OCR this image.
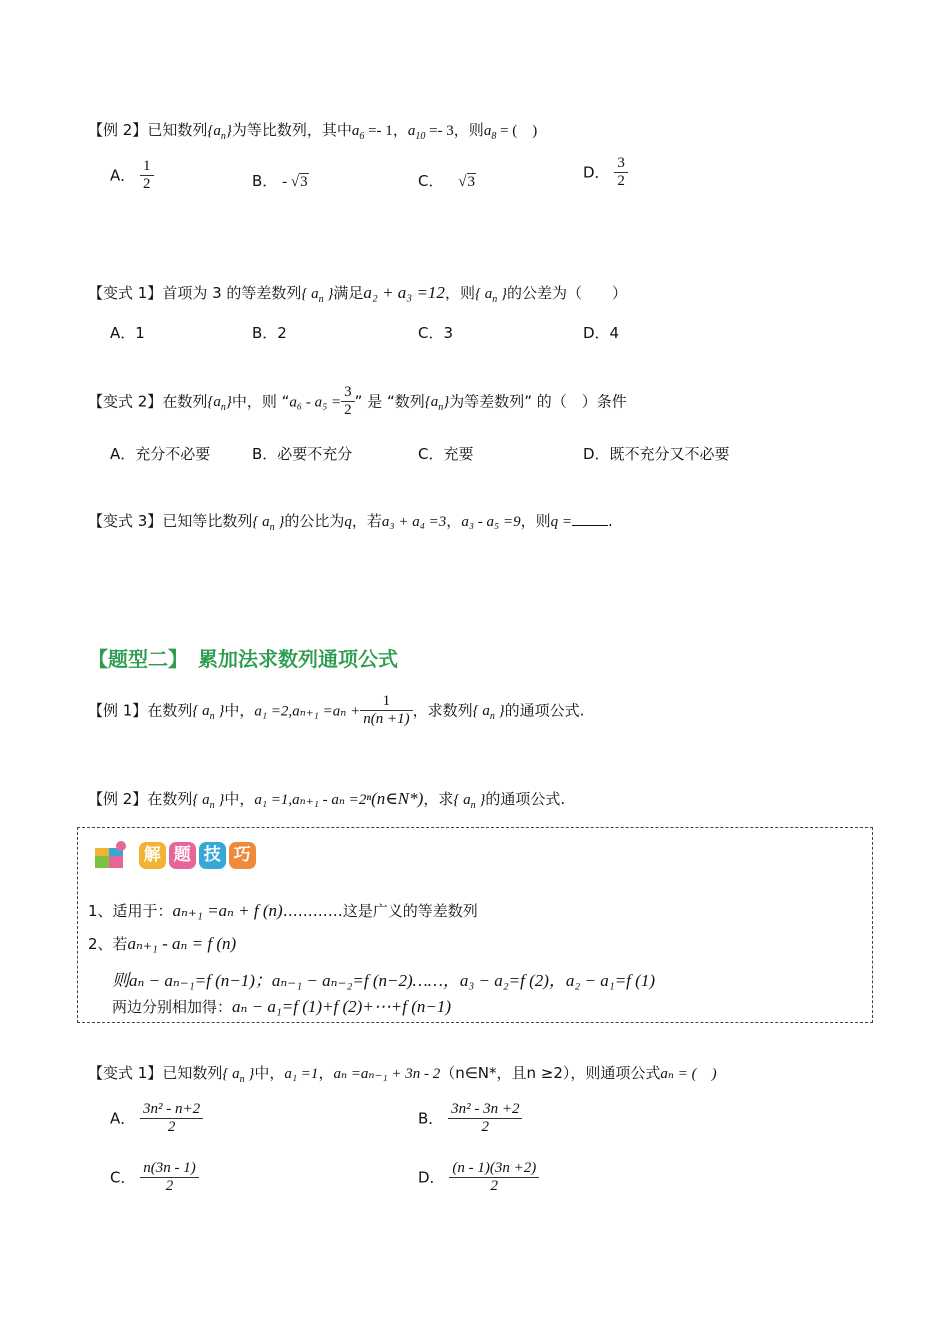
【例 2】已知数列$\{a_n\}$为等比数列，其中$a_6 =- 1$，$a_{10} =- 3$，则$a_8$ = (　)
A． $\frac{1}{2}$	B． - √3	C． √3
D． $\frac{3}{2}$
【变式 1】首项为 3 的等差数列{ $a_n$ }满足a₂ + a₃ =12，则{ $a_n$ }的公差为（　　）
A．1	B．2	C．3	D．4
【变式 2】在数列$\{a_n\}$中，则 “$a_6 - a_5 = \frac{3}{2}$ ” 是 “数列$\{a_n\}$为等差数列” 的（　）条件
A．充分不必要	B．必要不充分	C．充要	D．既不充分又不必要
【变式 3】已知等比数列{ $a_n$ }的公比为q，若a₃ + a₄ =3，a₃ - a₅ =9，则q = .
【题型二】　累加法求数列通项公式
【例 1】在数列{ $a_n$ }中，$a_1 =2,a_{n+1} =a_n + \frac{1}{n(n +1)}$ ，求数列{ $a_n$ }的通项公式.
【例 2】在数列{ $a_n$ }中，a₁ =1,aₙ₊₁ - aₙ =2ⁿ(n∈N*)，求{ $a_n$ }的通项公式.
解 题 技 巧
1、适用于：aₙ₊₁ =aₙ + f (n)…………这是广义的等差数列
2、若aₙ₊₁ - aₙ = f (n)
则aₙ − aₙ₋₁=f (n−1)；aₙ₋₁ − aₙ₋₂=f (n−2)……，a₃ − a₂=f (2)，a₂ − a₁=f (1)
两边分别相加得：aₙ − a₁=f (1)+f (2)+⋯+f (n−1)
【变式 1】已知数列{ $a_n$ }中，a₁ =1，aₙ =aₙ₋₁ + 3n - 2（n∈N*，且n ≥2），则通项公式aₙ = (　)
A． $\frac{\text{3n² - n+2}}{2}$	B． $\frac{\text{3n² - 3n +2}}{2}$
C． $\frac{n(3n - 1)}{2}$	D． $\frac{(n - 1)(3n +2)}{2}$
